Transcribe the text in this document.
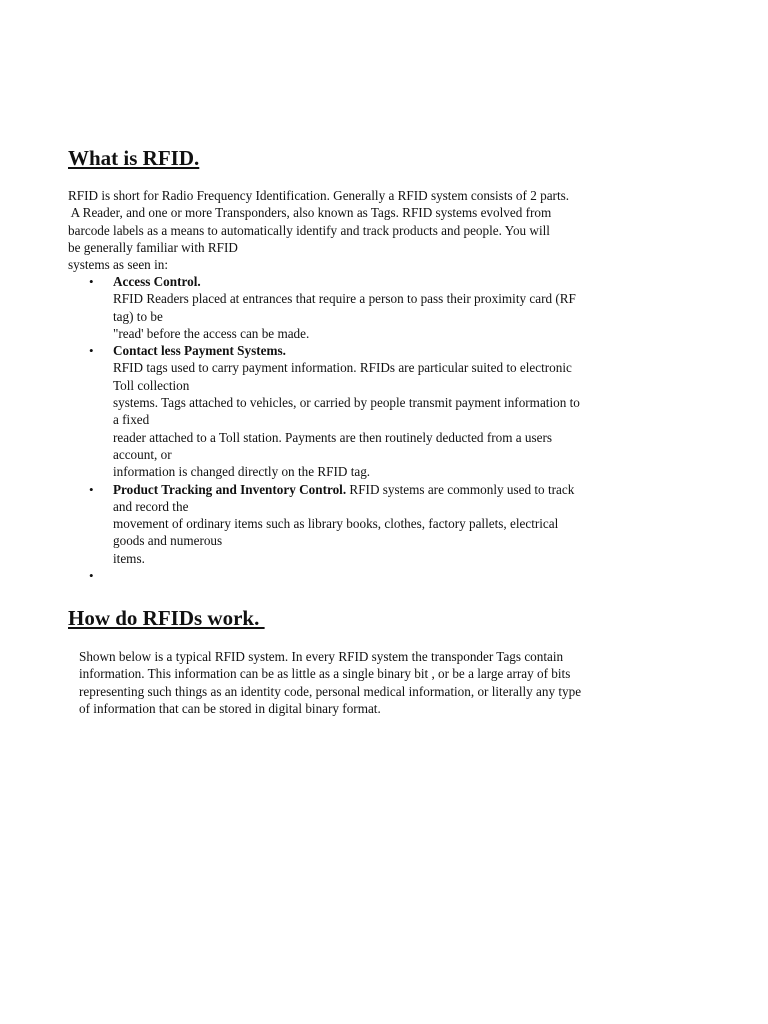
What is RFID.

RFID is short for Radio Frequency Identification. Generally a RFID system consists of 2 parts.
A Reader, and one or more Transponders, also known as Tags. RFID systems evolved from
barcode labels as a means to automatically identify and track products and people. You will
be generally familiar with RFID
systems as seen in:

• Access Control.
RFID Readers placed at entrances that require a person to pass their proximity card (RF
tag) to be
"read' before the access can be made.
• Contact less Payment Systems.
RFID tags used to carry payment information. RFIDs are particular suited to electronic
Toll collection
systems. Tags attached to vehicles, or carried by people transmit payment information to
a fixed
reader attached to a Toll station. Payments are then routinely deducted from a users
account, or
information is changed directly on the RFID tag.
• Product Tracking and Inventory Control. RFID systems are commonly used to track
and record the
movement of ordinary items such as library books, clothes, factory pallets, electrical
goods and numerous
items.
•
How do RFIDs work.

Shown below is a typical RFID system. In every RFID system the transponder Tags contain
information. This information can be as little as a single binary bit , or be a large array of bits
representing such things as an identity code, personal medical information, or literally any type
of information that can be stored in digital binary format.
